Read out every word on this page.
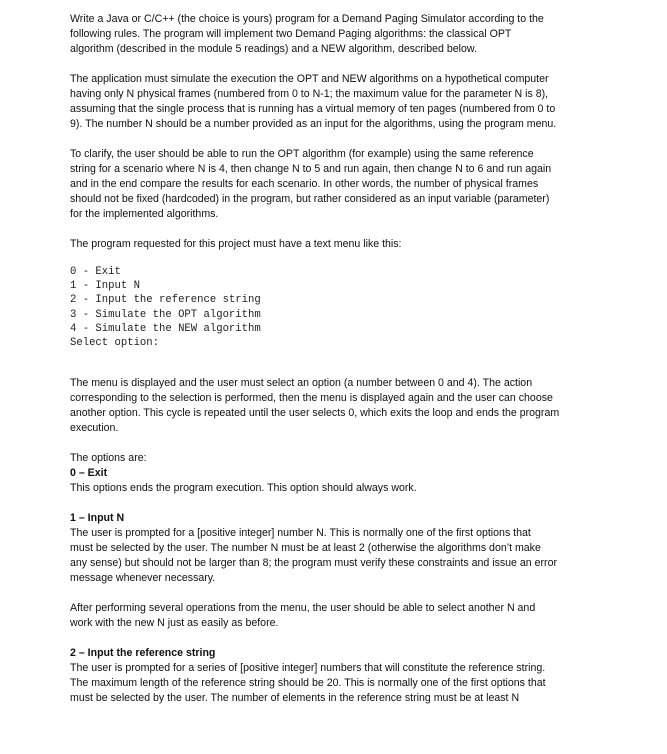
Write a Java or C/C++ (the choice is yours) program for a Demand Paging Simulator according to the

following rules. The program will implement two Demand Paging algorithms: the classical OPT

algorithm (described in the module 5 readings) and a NEW algorithm, described below.

The application must simulate the execution the OPT and NEW algorithms on a hypothetical computer

having only N physical frames (numbered from 0 to N-1; the maximum value for the parameter N is 8),

assuming that the single process that is running has a virtual memory of ten pages (numbered from 0 to

9). The number N should be a number provided as an input for the algorithms, using the program menu.

To clarify, the user should be able to run the OPT algorithm (for example) using the same reference

string for a scenario where N is 4, then change N to 5 and run again, then change N to 6 and run again

and in the end compare the results for each scenario. In other words, the number of physical frames

should not be fixed (hardcoded) in the program, but rather considered as an input variable (parameter)

for the implemented algorithms.

The program requested for this project must have a text menu like this:

0 - Exit

1 - Input N

2 - Input the reference string

3 - Simulate the OPT algorithm

4 - Simulate the NEW algorithm

Select option:

The menu is displayed and the user must select an option (a number between 0 and 4). The action

corresponding to the selection is performed, then the menu is displayed again and the user can choose

another option. This cycle is repeated until the user selects 0, which exits the loop and ends the program

execution.

The options are:

0 – Exit

This options ends the program execution. This option should always work.

1 – Input N

The user is prompted for a [positive integer] number N. This is normally one of the first options that

must be selected by the user. The number N must be at least 2 (otherwise the algorithms don’t make

any sense) but should not be larger than 8; the program must verify these constraints and issue an error

message whenever necessary.

After performing several operations from the menu, the user should be able to select another N and

work with the new N just as easily as before.

2 – Input the reference string

The user is prompted for a series of [positive integer] numbers that will constitute the reference string.

The maximum length of the reference string should be 20. This is normally one of the first options that

must be selected by the user. The number of elements in the reference string must be at least N
